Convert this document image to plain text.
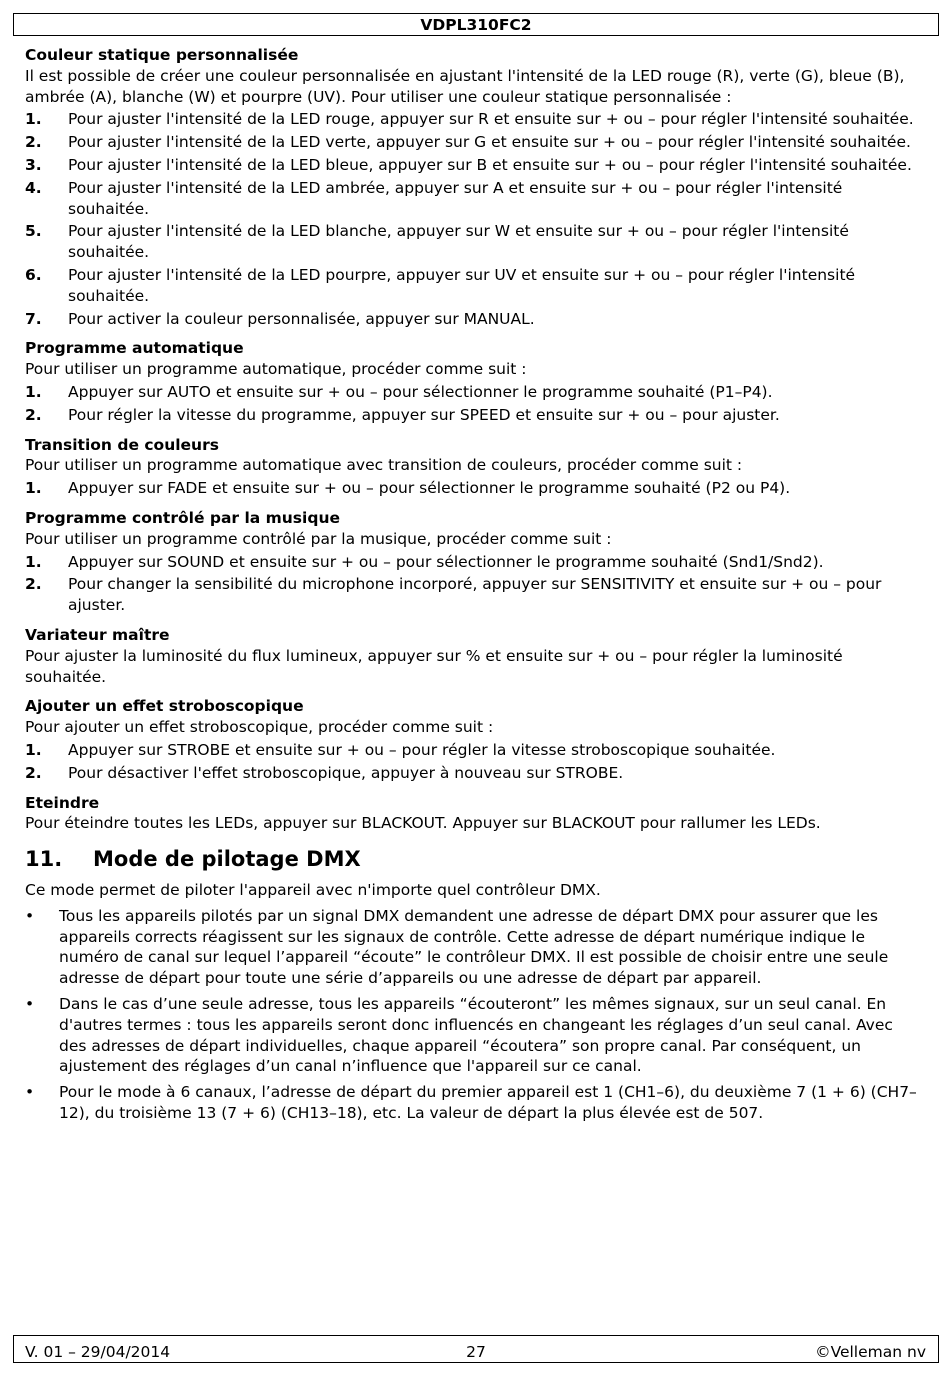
VDPL310FC2
Couleur statique personnalisée
Il est possible de créer une couleur personnalisée en ajustant l'intensité de la LED rouge (R), verte (G), bleue (B), ambrée (A), blanche (W) et pourpre (UV). Pour utiliser une couleur statique personnalisée :
1.	Pour ajuster l'intensité de la LED rouge, appuyer sur R et ensuite sur + ou – pour régler l'intensité souhaitée.
2.	Pour ajuster l'intensité de la LED verte, appuyer sur G et ensuite sur + ou – pour régler l'intensité souhaitée.
3.	Pour ajuster l'intensité de la LED bleue, appuyer sur B et ensuite sur + ou – pour régler l'intensité souhaitée.
4.	Pour ajuster l'intensité de la LED ambrée, appuyer sur A et ensuite sur + ou – pour régler l'intensité souhaitée.
5.	Pour ajuster l'intensité de la LED blanche, appuyer sur W et ensuite sur + ou – pour régler l'intensité souhaitée.
6.	Pour ajuster l'intensité de la LED pourpre, appuyer sur UV et ensuite sur + ou – pour régler l'intensité souhaitée.
7.	Pour activer la couleur personnalisée, appuyer sur MANUAL.
Programme automatique
Pour utiliser un programme automatique, procéder comme suit :
1.	Appuyer sur AUTO et ensuite sur + ou – pour sélectionner le programme souhaité (P1–P4).
2.	Pour régler la vitesse du programme, appuyer sur SPEED et ensuite sur + ou – pour ajuster.
Transition de couleurs
Pour utiliser un programme automatique avec transition de couleurs, procéder comme suit :
1.	Appuyer sur FADE et ensuite sur + ou – pour sélectionner le programme souhaité (P2 ou P4).
Programme contrôlé par la musique
Pour utiliser un programme contrôlé par la musique, procéder comme suit :
1.	Appuyer sur SOUND et ensuite sur + ou – pour sélectionner le programme souhaité (Snd1/Snd2).
2.	Pour changer la sensibilité du microphone incorporé, appuyer sur SENSITIVITY et ensuite sur + ou – pour ajuster.
Variateur maître
Pour ajuster la luminosité du flux lumineux, appuyer sur % et ensuite sur + ou – pour régler la luminosité souhaitée.
Ajouter un effet stroboscopique
Pour ajouter un effet stroboscopique, procéder comme suit :
1.	Appuyer sur STROBE et ensuite sur + ou – pour régler la vitesse stroboscopique souhaitée.
2.	Pour désactiver l'effet stroboscopique, appuyer à nouveau sur STROBE.
Eteindre
Pour éteindre toutes les LEDs, appuyer sur BLACKOUT. Appuyer sur BLACKOUT pour rallumer les LEDs.
11.	Mode de pilotage DMX
Ce mode permet de piloter l'appareil avec n'importe quel contrôleur DMX.
•	Tous les appareils pilotés par un signal DMX demandent une adresse de départ DMX pour assurer que les appareils corrects réagissent sur les signaux de contrôle. Cette adresse de départ numérique indique le numéro de canal sur lequel l’appareil “écoute” le contrôleur DMX. Il est possible de choisir entre une seule adresse de départ pour toute une série d’appareils ou une adresse de départ par appareil.
•	Dans le cas d’une seule adresse, tous les appareils “écouteront” les mêmes signaux, sur un seul canal. En d'autres termes : tous les appareils seront donc influencés en changeant les réglages d’un seul canal. Avec des adresses de départ individuelles, chaque appareil “écoutera” son propre canal. Par conséquent, un ajustement des réglages d’un canal n’influence que l'appareil sur ce canal.
•	Pour le mode à 6 canaux, l’adresse de départ du premier appareil est 1 (CH1–6), du deuxième 7 (1 + 6) (CH7–12), du troisième 13 (7 + 6) (CH13–18), etc. La valeur de départ la plus élevée est de 507.
V. 01 – 29/04/2014	27	©Velleman nv
